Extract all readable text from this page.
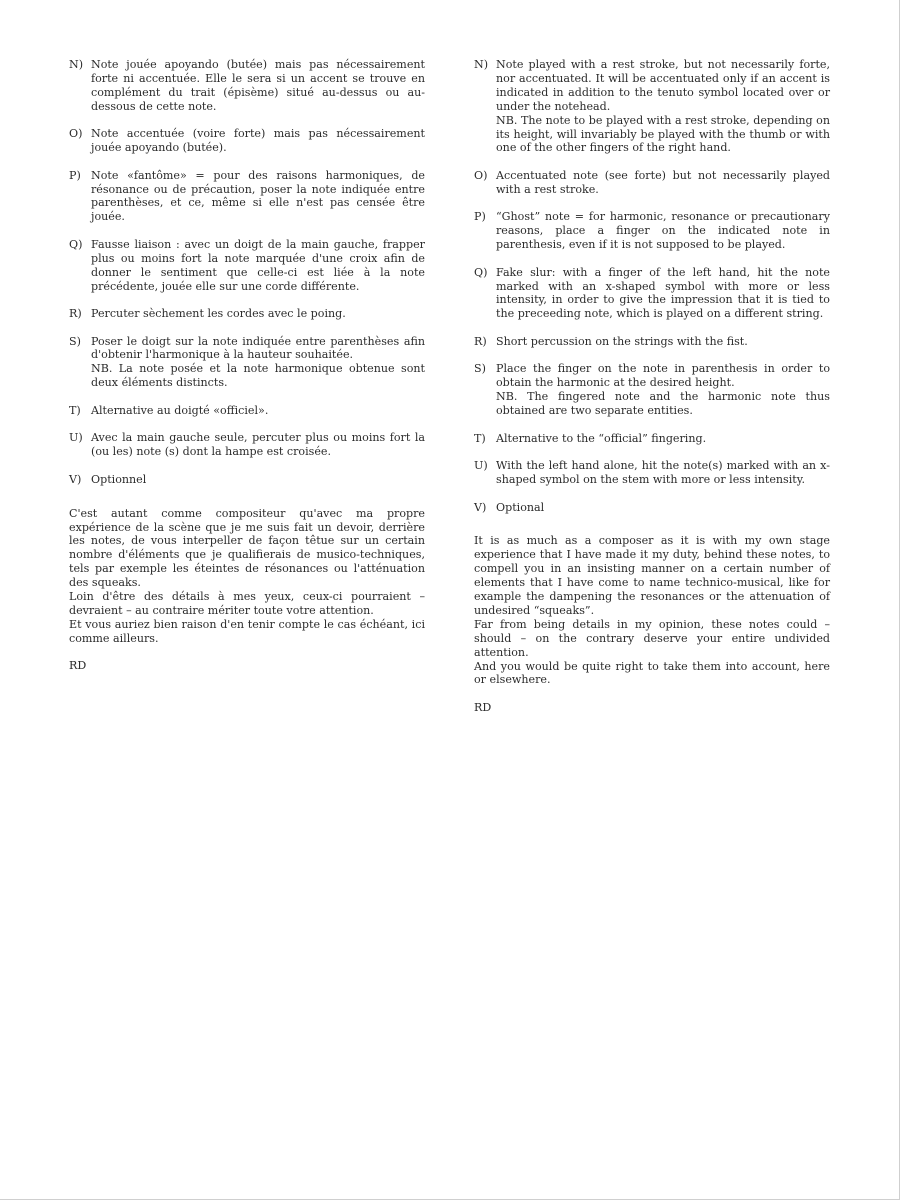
N) Note jouée apoyando (butée) mais pas nécessairement forte ni accentuée. Elle le sera si un accent se trouve en complément du trait (épisème) situé au-dessus ou au-dessous de cette note.

O) Note accentuée (voire forte) mais pas nécessairement jouée apoyando (butée).

P) Note «fantôme» = pour des raisons harmoniques, de résonance ou de précaution, poser la note indiquée entre parenthèses, et ce, même si elle n'est pas censée être jouée.

Q) Fausse liaison : avec un doigt de la main gauche, frapper plus ou moins fort la note marquée d'une croix afin de donner le sentiment que celle-ci est liée à la note précédente, jouée elle sur une corde différente.

R) Percuter sèchement les cordes avec le poing.

S) Poser le doigt sur la note indiquée entre parenthèses afin d'obtenir l'harmonique à la hauteur souhaitée.

NB. La note posée et la note harmonique obtenue sont deux éléments distincts.

T) Alternative au doigté «officiel».

U) Avec la main gauche seule, percuter plus ou moins fort la (ou les) note (s) dont la hampe est croisée.

V) Optionnel

C'est autant comme compositeur qu'avec ma propre expérience de la scène que je me suis fait un devoir, derrière les notes, de vous interpeller de façon têtue sur un certain nombre d'éléments que je qualifierais de musico-techniques, tels par exemple les éteintes de résonances ou l'atténuation des squeaks.

Loin d'être des détails à mes yeux, ceux-ci pourraient – devraient – au contraire mériter toute votre attention.

Et vous auriez bien raison d'en tenir compte le cas échéant, ici comme ailleurs.

RD
N) Note played with a rest stroke, but not necessarily forte, nor accentuated. It will be accentuated only if an accent is indicated in addition to the tenuto symbol located over or under the notehead.

NB. The note to be played with a rest stroke, depending on its height, will invariably be played with the thumb or with one of the other fingers of the right hand.

O) Accentuated note (see forte) but not necessarily played with a rest stroke.

P) “Ghost” note = for harmonic, resonance or precautionary reasons, place a finger on the indicated note in parenthesis, even if it is not supposed to be played.

Q) Fake slur: with a finger of the left hand, hit the note marked with an x-shaped symbol with more or less intensity, in order to give the impression that it is tied to the preceeding note, which is played on a different string.

R) Short percussion on the strings with the fist.

S) Place the finger on the note in parenthesis in order to obtain the harmonic at the desired height.

NB. The fingered note and the harmonic note thus obtained are two separate entities.

T) Alternative to the “official” fingering.

U) With the left hand alone, hit the note(s) marked with an x-shaped symbol on the stem with more or less intensity.

V) Optional

It is as much as a composer as it is with my own stage experience that I have made it my duty, behind these notes, to compell you in an insisting manner on a certain number of elements that I have come to name technico-musical, like for example the dampening the resonances or the attenuation of undesired “squeaks”.

Far from being details in my opinion, these notes could – should – on the contrary deserve your entire undivided attention.

And you would be quite right to take them into account, here or elsewhere.

RD
